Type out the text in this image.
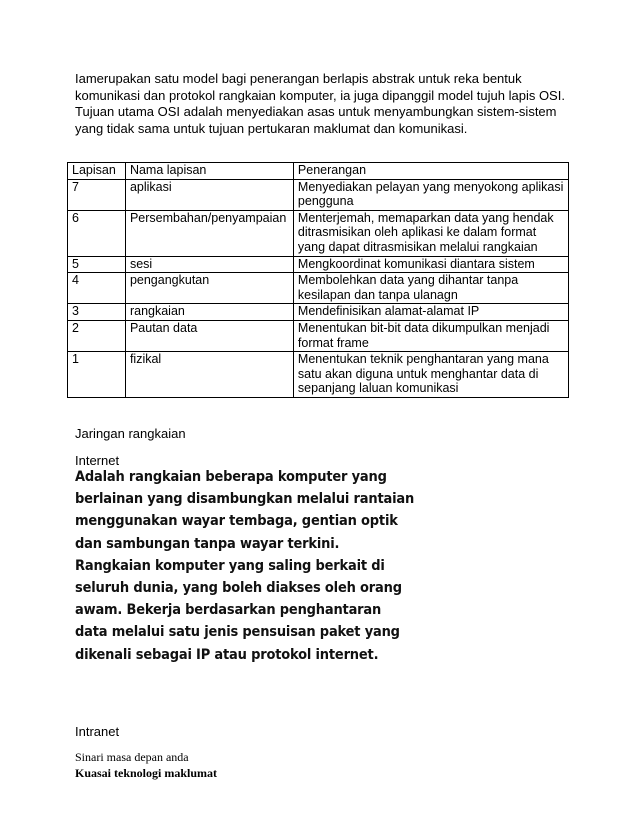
Iamerupakan satu model bagi penerangan berlapis abstrak untuk reka bentuk

komunikasi dan protokol rangkaian komputer, ia juga dipanggil model tujuh lapis OSI.

Tujuan utama OSI adalah menyediakan asas untuk menyambungkan sistem-sistem

yang tidak sama untuk tujuan pertukaran maklumat dan komunikasi.

Lapisan	Nama lapisan	Penerangan
7	aplikasi	Menyediakan pelayan yang menyokong aplikasi pengguna
6	Persembahan/penyampaian	Menterjemah, memaparkan data yang hendak ditrasmisikan oleh aplikasi ke dalam format yang dapat ditrasmisikan melalui rangkaian
5	sesi	Mengkoordinat komunikasi diantara sistem
4	pengangkutan	Membolehkan data yang dihantar tanpa kesilapan dan tanpa ulanagn
3	rangkaian	Mendefinisikan alamat-alamat IP
2	Pautan data	Menentukan bit-bit data dikumpulkan menjadi format frame
1	fizikal	Menentukan teknik penghantaran yang mana satu akan diguna untuk menghantar data di sepanjang laluan komunikasi
Jaringan rangkaian
Internet

Adalah rangkaian beberapa komputer yang

berlainan yang disambungkan melalui rantaian

menggunakan wayar tembaga, gentian optik

dan sambungan tanpa wayar terkini.

Rangkaian komputer yang saling berkait di

seluruh dunia, yang boleh diakses oleh orang

awam. Bekerja berdasarkan penghantaran

data melalui satu jenis pensuisan paket yang

dikenali sebagai IP atau protokol internet.

Intranet

Sinari masa depan anda

Kuasai teknologi maklumat
